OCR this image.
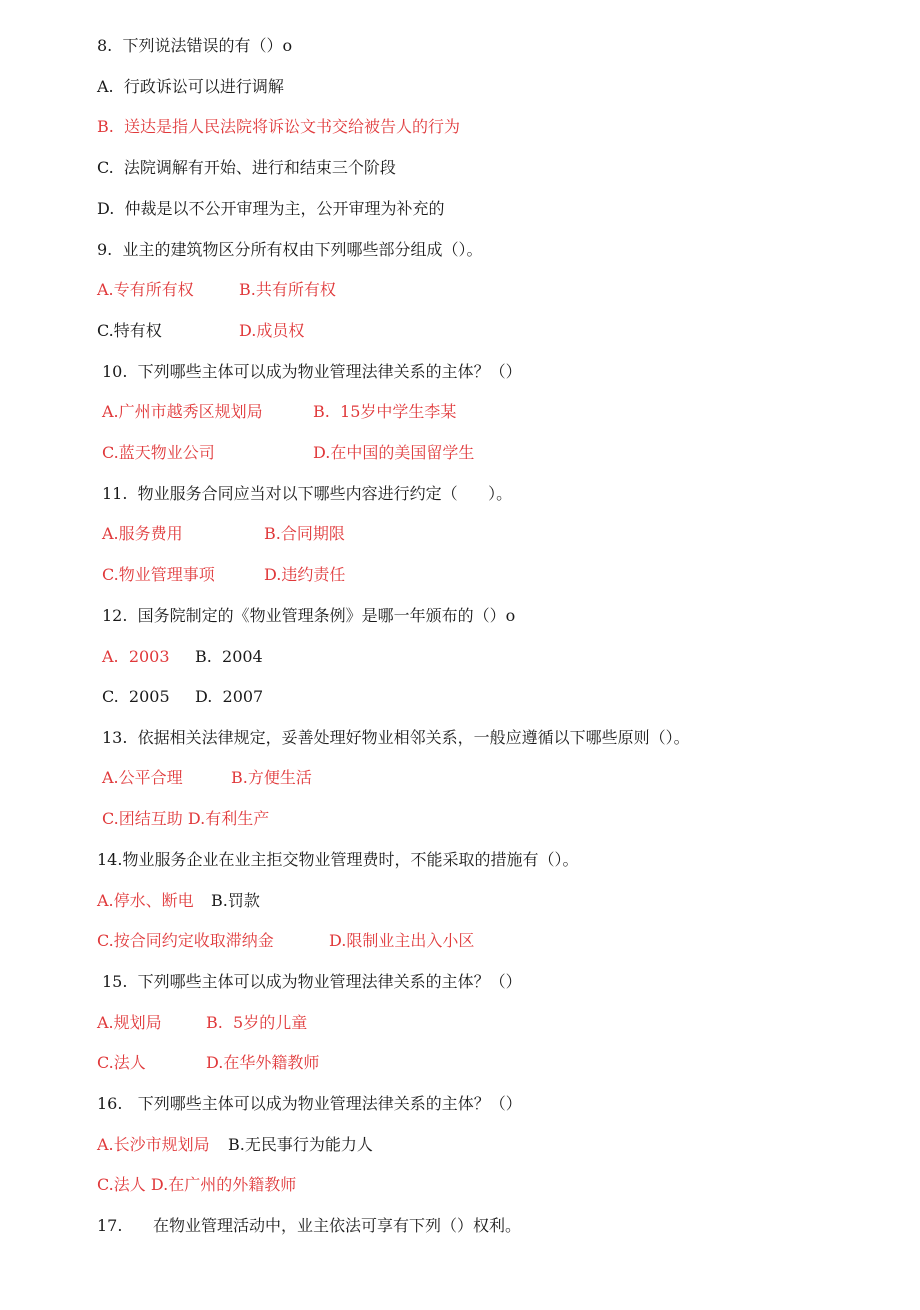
8.  下列说法错误的有（）o
A.  行政诉讼可以进行调解
B.  送达是指人民法院将诉讼文书交给被告人的行为
C.  法院调解有开始、进行和结束三个阶段
D.  仲裁是以不公开审理为主，公开审理为补充的
9.  业主的建筑物区分所有权由下列哪些部分组成（）。

A.专有所有权

	B.共有所有权

C.特有权

	D.成员权

10.  下列哪些主体可以成为物业管理法律关系的主体？（）

A.广州市越秀区规划局

	B.  15岁中学生李某

C.蓝天物业公司

	D.在中国的美国留学生

11.  物业服务合同应当对以下哪些内容进行约定（      ）。

A.服务费用

	B.合同期限

C.物业管理事项

	D.违约责任

12.  国务院制定的《物业管理条例》是哪一年颁布的（）o

A.  2003

B.  2004

C.  2005

D.  2007

13.  依据相关法律规定，妥善处理好物业相邻关系，一般应遵循以下哪些原则（）。

A.公平合理

	B.方便生活

C.团结互助 D.有利生产
14.物业服务企业在业主拒交物业管理费时，不能采取的措施有（）。

A.停水、断电

B.罚款

C.按合同约定收取滞纳金

	D.限制业主出入小区

15.  下列哪些主体可以成为物业管理法律关系的主体？（）

A.规划局

	B.  5岁的儿童

C.法人

	D.在华外籍教师

16.   下列哪些主体可以成为物业管理法律关系的主体？（）

A.长沙市规划局

B.无民事行为能力人

C.法人 D.在广州的外籍教师
17.      在物业管理活动中，业主依法可享有下列（）权利。
